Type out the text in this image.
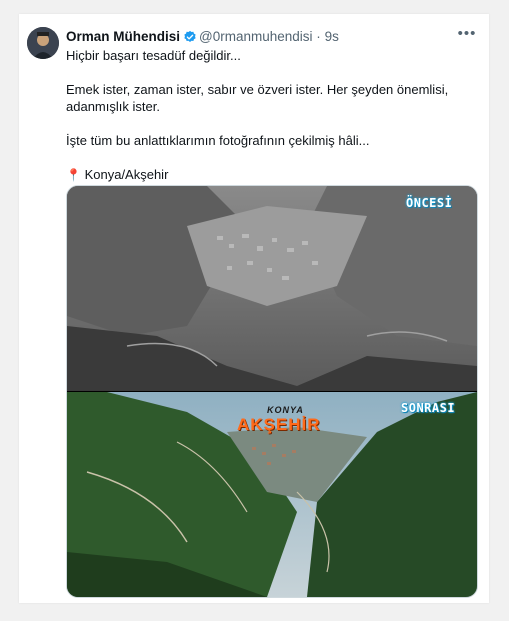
Orman Mühendisi @0rmanmuhendisi · 9s	•••

Hiçbir başarı tesadüf değildir...

Emek ister, zaman ister, sabır ve özveri ister. Her şeyden önemlisi, adanmışlık ister.

İşte tüm bu anlattıklarımın fotoğrafının çekilmiş hâli...

📍 Konya/Akşehir

ÖNCESİ
KONYA
AKŞEHİR
SONRASI
